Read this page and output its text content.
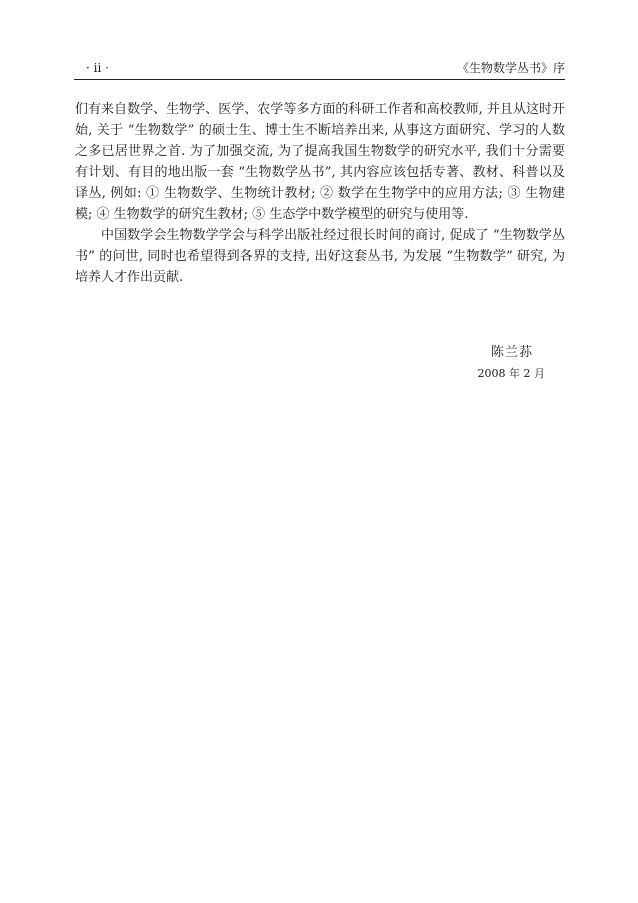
· ii ·	《生物数学丛书》序

们有来自数学、生物学、医学、农学等多方面的科研工作者和高校教师, 并且从这时开始, 关于 “生物数学” 的硕士生、博士生不断培养出来, 从事这方面研究、学习的人数之多已居世界之首. 为了加强交流, 为了提高我国生物数学的研究水平, 我们十分需要有计划、有目的地出版一套 “生物数学丛书”, 其内容应该包括专著、教材、科普以及译丛, 例如: ① 生物数学、生物统计教材; ② 数学在生物学中的应用方法; ③ 生物建模; ④ 生物数学的研究生教材; ⑤ 生态学中数学模型的研究与使用等.

中国数学会生物数学学会与科学出版社经过很长时间的商讨, 促成了 “生物数学丛书” 的问世, 同时也希望得到各界的支持, 出好这套丛书, 为发展 “生物数学” 研究, 为培养人才作出贡献.

陈兰荪
2008 年 2 月
